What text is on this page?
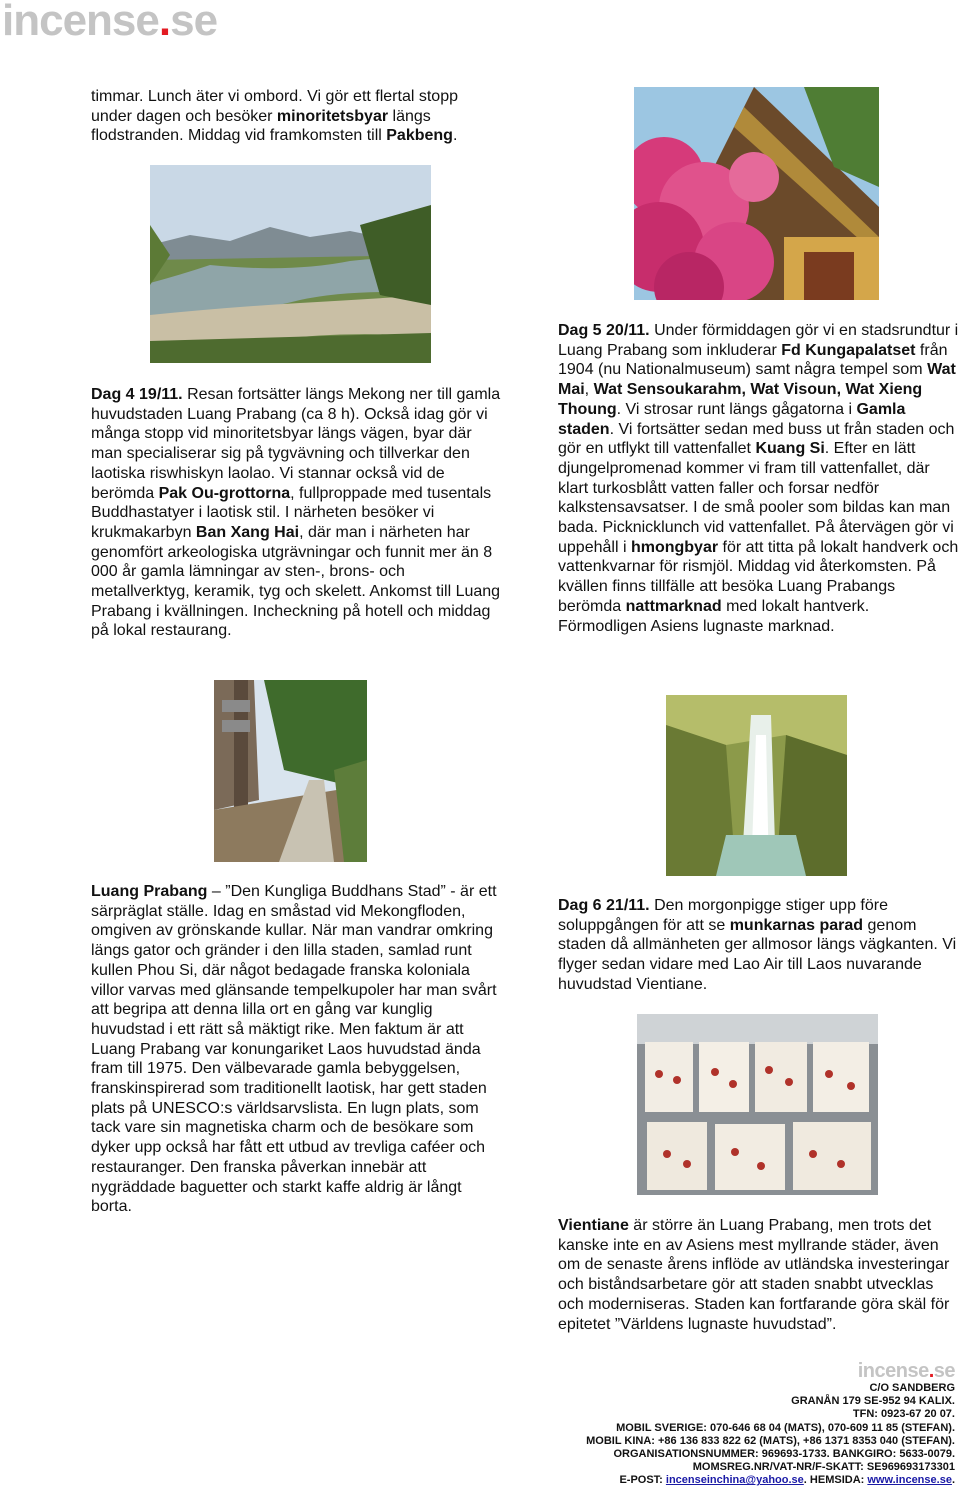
incense.se

timmar. Lunch äter vi ombord. Vi gör ett flertal stopp under dagen och besöker minoritetsbyar längs flodstranden. Middag vid framkomsten till Pakbeng.

Dag 4 19/11. Resan fortsätter längs Mekong ner till gamla huvudstaden Luang Prabang (ca 8 h). Också idag gör vi många stopp vid minoritetsbyar längs vägen, byar där man specialiserar sig på tygvävning och tillverkar den laotiska riswhiskyn laolao. Vi stannar också vid de berömda Pak Ou-grottorna, fullproppade med tusentals Buddhastatyer i laotisk stil. I närheten besöker vi krukmakarbyn Ban Xang Hai, där man i närheten har genomfört arkeologiska utgrävningar och funnit mer än 8 000 år gamla lämningar av sten-, brons- och metallverktyg, keramik, tyg och skelett. Ankomst till Luang Prabang i kvällningen. Incheckning på hotell och middag på lokal restaurang.

Dag 5 20/11. Under förmiddagen gör vi en stadsrundtur i Luang Prabang som inkluderar Fd Kungapalatset från 1904 (nu Nationalmuseum) samt några tempel som Wat Mai, Wat Sensoukarahm, Wat Visoun, Wat Xieng Thoung. Vi strosar runt längs gågatorna i Gamla staden. Vi fortsätter sedan med buss ut från staden och gör en utflykt till vattenfallet Kuang Si. Efter en lätt djungelpromenad kommer vi fram till vattenfallet, där klart turkosblått vatten faller och forsar nedför kalkstensavsatser. I de små pooler som bildas kan man bada. Picknicklunch vid vattenfallet. På återvägen gör vi uppehåll i hmongbyar för att titta på lokalt handverk och vattenkvarnar för rismjöl. Middag vid återkomsten. På kvällen finns tillfälle att besöka Luang Prabangs berömda nattmarknad med lokalt hantverk. Förmodligen Asiens lugnaste marknad.

Luang Prabang – ”Den Kungliga Buddhans Stad” - är ett särpräglat ställe. Idag en småstad vid Mekongfloden, omgiven av grönskande kullar. När man vandrar omkring längs gator och gränder i den lilla staden, samlad runt kullen Phou Si, där något bedagade franska koloniala villor varvas med glänsande tempelkupoler har man svårt att begripa att denna lilla ort en gång var kunglig huvudstad i ett rätt så mäktigt rike. Men faktum är att Luang Prabang var konungariket Laos huvudstad ända fram till 1975. Den välbevarade gamla bebyggelsen, franskinspirerad som traditionellt laotisk, har gett staden plats på UNESCO:s världsarvslista. En lugn plats, som tack vare sin magnetiska charm och de besökare som dyker upp också har fått ett utbud av trevliga caféer och restauranger. Den franska påverkan innebär att nygräddade baguetter och starkt kaffe aldrig är långt borta.

Dag 6 21/11. Den morgonpigge stiger upp före soluppgången för att se munkarnas parad genom staden då allmänheten ger allmosor längs vägkanten. Vi flyger sedan vidare med Lao Air till Laos nuvarande huvudstad Vientiane.

Vientiane är större än Luang Prabang, men trots det kanske inte en av Asiens mest myllrande städer, även om de senaste årens inflöde av utländska investeringar och biståndsarbetare gör att staden snabbt utvecklas och moderniseras. Staden kan fortfarande göra skäl för epitetet ”Världens lugnaste huvudstad”.

incense.se
C/O SANDBERG
GRANÅN 179 SE-952 94 KALIX.
TFN: 0923-67 20 07.
MOBIL SVERIGE: 070-646 68 04 (MATS), 070-609 11 85 (STEFAN).
MOBIL KINA: +86 136 833 822 62 (MATS), +86 1371 8353 040 (STEFAN).
ORGANISATIONSNUMMER: 969693-1733. BANKGIRO: 5633-0079.
MOMSREG.NR/VAT-NR/F-SKATT: SE969693173301
E-POST: incenseinchina@yahoo.se. HEMSIDA: www.incense.se.
